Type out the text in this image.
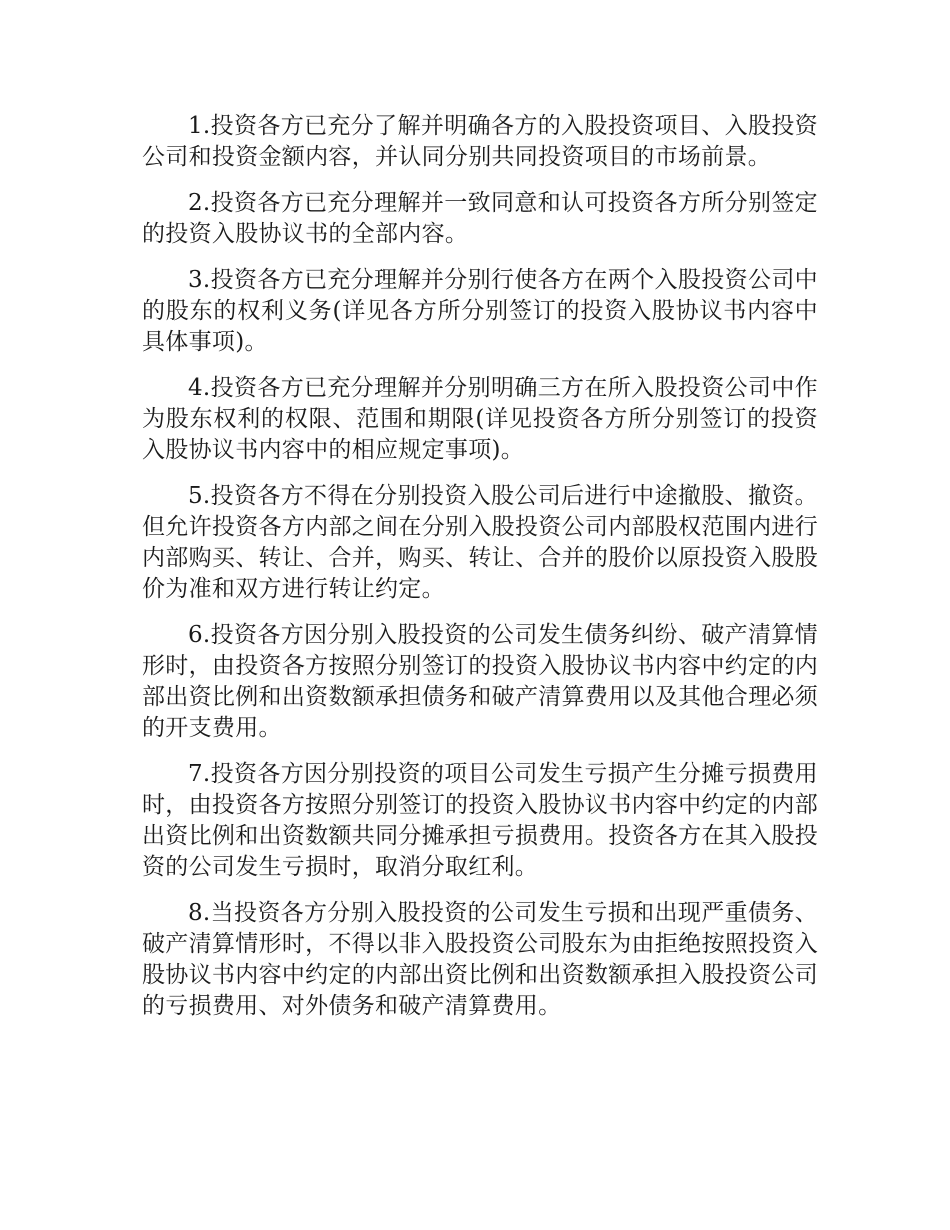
1.投资各方已充分了解并明确各方的入股投资项目、入股投资公司和投资金额内容，并认同分别共同投资项目的市场前景。

2.投资各方已充分理解并一致同意和认可投资各方所分别签定的投资入股协议书的全部内容。

3.投资各方已充分理解并分别行使各方在两个入股投资公司中的股东的权利义务(详见各方所分别签订的投资入股协议书内容中具体事项)。

4.投资各方已充分理解并分别明确三方在所入股投资公司中作为股东权利的权限、范围和期限(详见投资各方所分别签订的投资入股协议书内容中的相应规定事项)。

5.投资各方不得在分别投资入股公司后进行中途撤股、撤资。但允许投资各方内部之间在分别入股投资公司内部股权范围内进行内部购买、转让、合并，购买、转让、合并的股价以原投资入股股价为准和双方进行转让约定。

6.投资各方因分别入股投资的公司发生债务纠纷、破产清算情形时，由投资各方按照分别签订的投资入股协议书内容中约定的内部出资比例和出资数额承担债务和破产清算费用以及其他合理必须的开支费用。

7.投资各方因分别投资的项目公司发生亏损产生分摊亏损费用时，由投资各方按照分别签订的投资入股协议书内容中约定的内部出资比例和出资数额共同分摊承担亏损费用。投资各方在其入股投资的公司发生亏损时，取消分取红利。

8.当投资各方分别入股投资的公司发生亏损和出现严重债务、破产清算情形时，不得以非入股投资公司股东为由拒绝按照投资入股协议书内容中约定的内部出资比例和出资数额承担入股投资公司的亏损费用、对外债务和破产清算费用。
